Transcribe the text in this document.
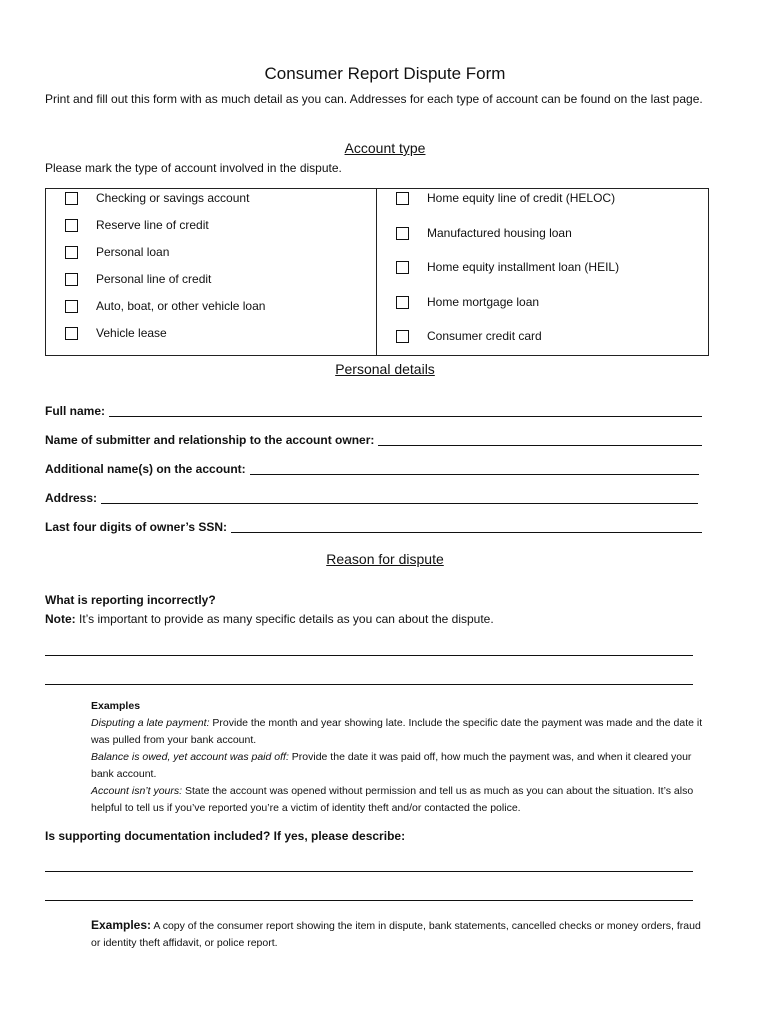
Consumer Report Dispute Form
Print and fill out this form with as much detail as you can. Addresses for each type of account can be found on the last page.
Account type
Please mark the type of account involved in the dispute.
Checking or savings account
Reserve line of credit
Personal loan
Personal line of credit
Auto, boat, or other vehicle loan
Vehicle lease
Home equity line of credit (HELOC)
Manufactured housing loan
Home equity installment loan (HEIL)
Home mortgage loan
Consumer credit card
Personal details
Full name:
Name of submitter and relationship to the account owner:
Additional name(s) on the account:
Address:
Last four digits of owner’s SSN:
Reason for dispute
What is reporting incorrectly?
Note: It’s important to provide as many specific details as you can about the dispute.
Examples
Disputing a late payment: Provide the month and year showing late. Include the specific date the payment was made and the date it was pulled from your bank account.
Balance is owed, yet account was paid off: Provide the date it was paid off, how much the payment was, and when it cleared your bank account.
Account isn’t yours: State the account was opened without permission and tell us as much as you can about the situation. It’s also helpful to tell us if you’ve reported you’re a victim of identity theft and/or contacted the police.
Is supporting documentation included? If yes, please describe:
Examples: A copy of the consumer report showing the item in dispute, bank statements, cancelled checks or money orders, fraud or identity theft affidavit, or police report.
